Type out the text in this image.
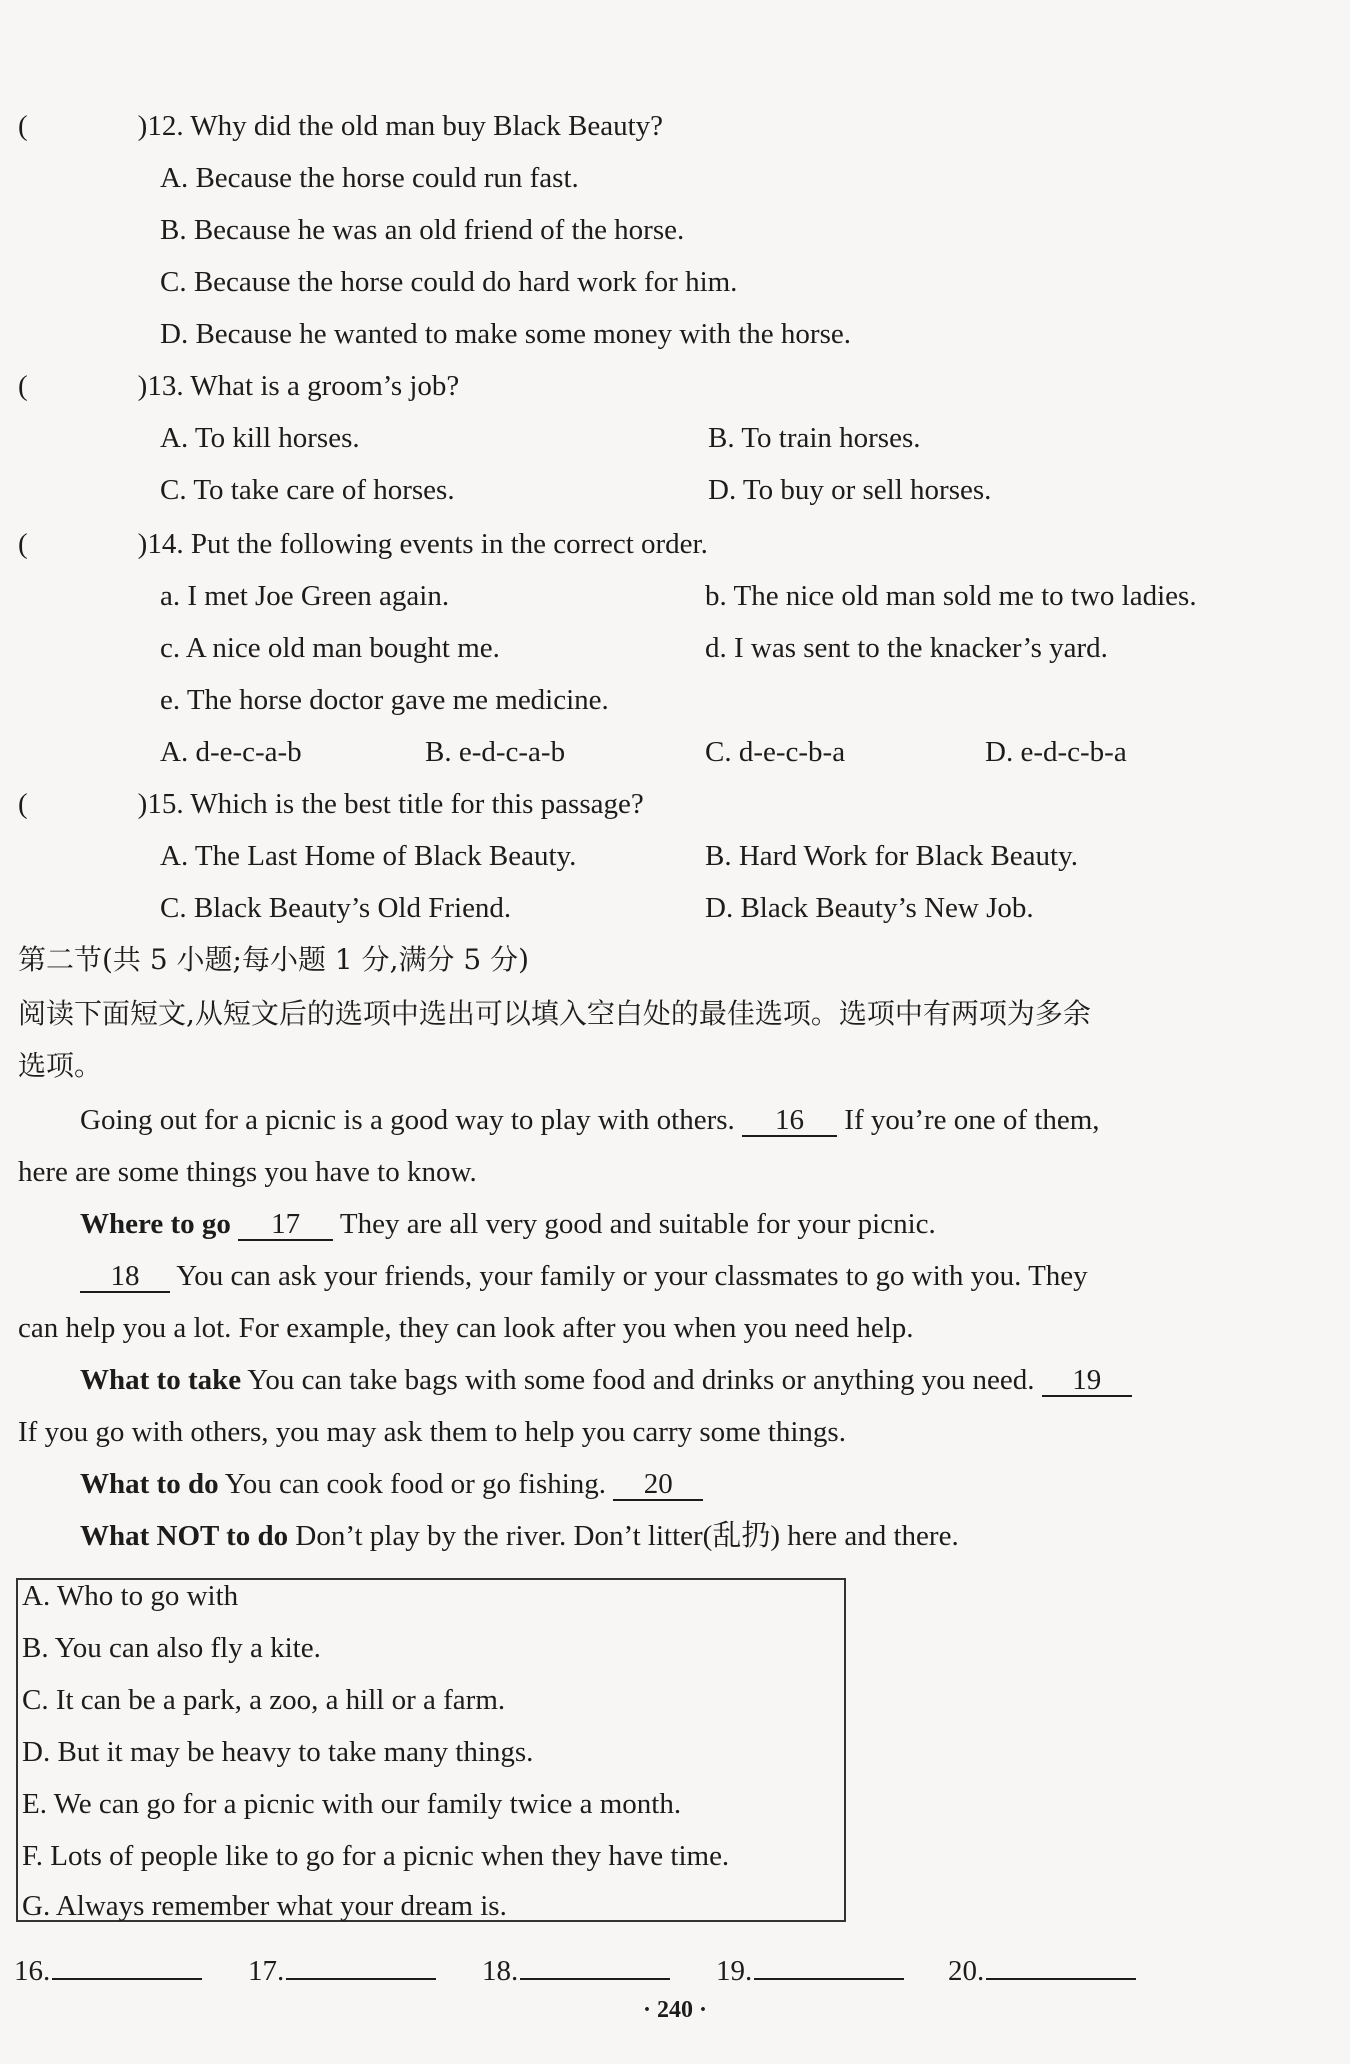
(	)12. Why did the old man buy Black Beauty?
A. Because the horse could run fast.
B. Because he was an old friend of the horse.
C. Because the horse could do hard work for him.
D. Because he wanted to make some money with the horse.
(	)13. What is a groom’s job?
A. To kill horses.	B. To train horses.
C. To take care of horses.	D. To buy or sell horses.
(	)14. Put the following events in the correct order.
a. I met Joe Green again.	b. The nice old man sold me to two ladies.
c. A nice old man bought me.	d. I was sent to the knacker’s yard.
e. The horse doctor gave me medicine.
A. d-e-c-a-b	B. e-d-c-a-b	C. d-e-c-b-a	D. e-d-c-b-a
(	)15. Which is the best title for this passage?
A. The Last Home of Black Beauty.	B. Hard Work for Black Beauty.
C. Black Beauty’s Old Friend.	D. Black Beauty’s New Job.
第二节(共 5 小题;每小题 1 分,满分 5 分)
阅读下面短文,从短文后的选项中选出可以填入空白处的最佳选项。选项中有两项为多余
选项。
Going out for a picnic is a good way to play with others. 16 If you’re one of them,
here are some things you have to know.
Where to go 17 They are all very good and suitable for your picnic.
18 You can ask your friends, your family or your classmates to go with you. They
can help you a lot. For example, they can look after you when you need help.
What to take You can take bags with some food and drinks or anything you need. 19
If you go with others, you may ask them to help you carry some things.
What to do You can cook food or go fishing. 20
What NOT to do Don’t play by the river. Don’t litter(乱扔) here and there.
A. Who to go with
B. You can also fly a kite.
C. It can be a park, a zoo, a hill or a farm.
D. But it may be heavy to take many things.
E. We can go for a picnic with our family twice a month.
F. Lots of people like to go for a picnic when they have time.
G. Always remember what your dream is.
16.	17.	18.	19.	20.
· 240 ·
